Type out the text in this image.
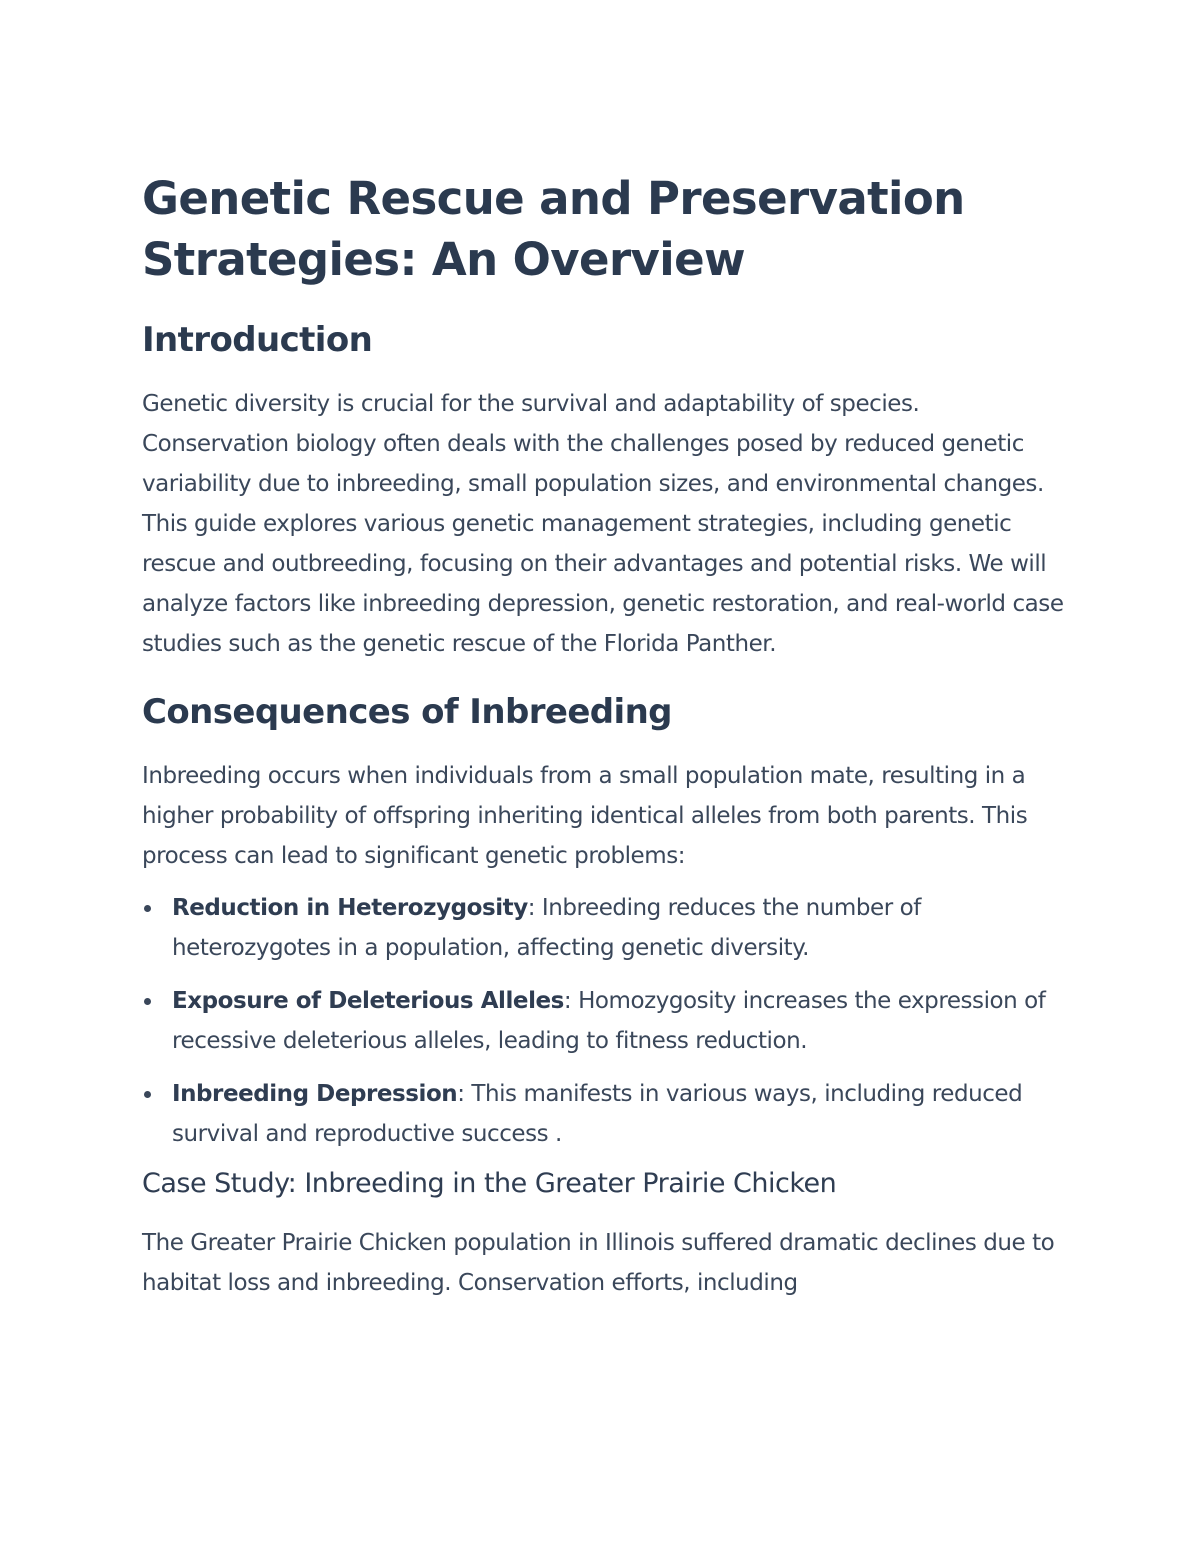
Genetic Rescue and Preservation Strategies: An Overview
Introduction

Genetic diversity is crucial for the survival and adaptability of species. Conservation biology often deals with the challenges posed by reduced genetic variability due to inbreeding, small population sizes, and environmental changes. This guide explores various genetic management strategies, including genetic rescue and outbreeding, focusing on their advantages and potential risks. We will analyze factors like inbreeding depression, genetic restoration, and real-world case studies such as the genetic rescue of the Florida Panther.

Consequences of Inbreeding

Inbreeding occurs when individuals from a small population mate, resulting in a higher probability of offspring inheriting identical alleles from both parents. This process can lead to significant genetic problems:

Reduction in Heterozygosity: Inbreeding reduces the number of heterozygotes in a population, affecting genetic diversity.
Exposure of Deleterious Alleles: Homozygosity increases the expression of recessive deleterious alleles, leading to fitness reduction.
Inbreeding Depression: This manifests in various ways, including reduced survival and reproductive success .
Case Study: Inbreeding in the Greater Prairie Chicken

The Greater Prairie Chicken population in Illinois suffered dramatic declines due to habitat loss and inbreeding. Conservation efforts, including
